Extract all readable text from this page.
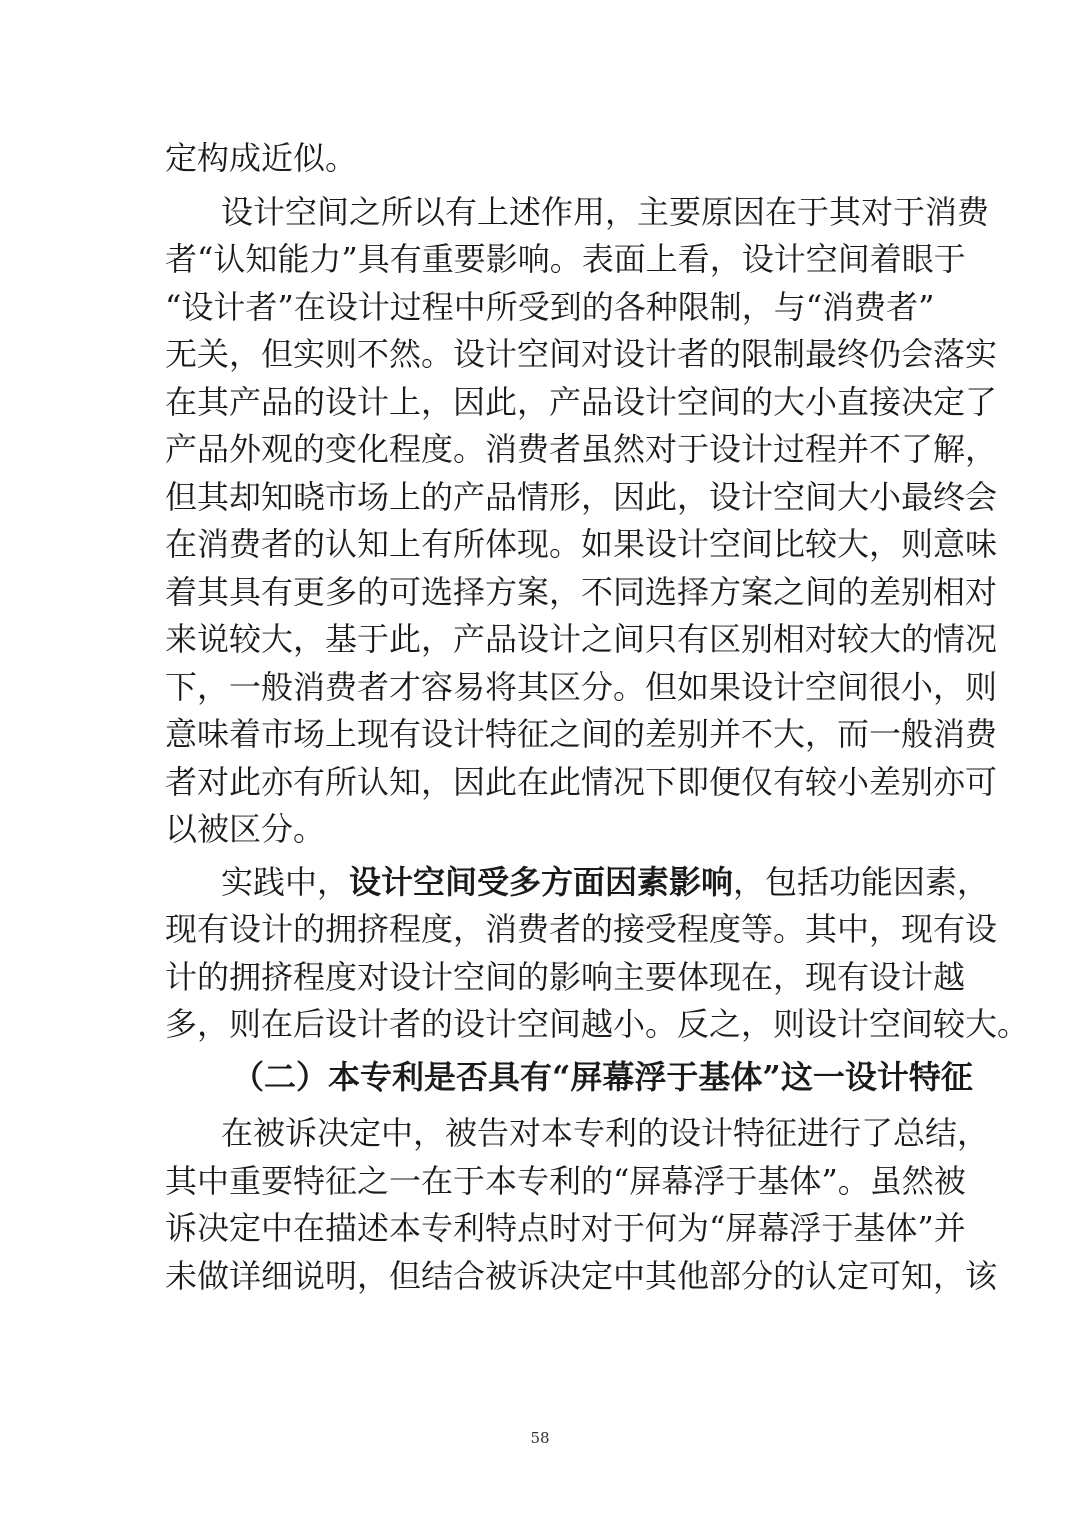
定构成近似。
设计空间之所以有上述作用，主要原因在于其对于消费
者“认知能力”具有重要影响。表面上看，设计空间着眼于
“设计者”在设计过程中所受到的各种限制，与“消费者”
无关，但实则不然。设计空间对设计者的限制最终仍会落实
在其产品的设计上，因此，产品设计空间的大小直接决定了
产品外观的变化程度。消费者虽然对于设计过程并不了解，
但其却知晓市场上的产品情形，因此，设计空间大小最终会
在消费者的认知上有所体现。如果设计空间比较大，则意味
着其具有更多的可选择方案，不同选择方案之间的差别相对
来说较大，基于此，产品设计之间只有区别相对较大的情况
下，一般消费者才容易将其区分。但如果设计空间很小，则
意味着市场上现有设计特征之间的差别并不大，而一般消费
者对此亦有所认知，因此在此情况下即便仅有较小差别亦可
以被区分。
实践中，设计空间受多方面因素影响，包括功能因素，
现有设计的拥挤程度，消费者的接受程度等。其中，现有设
计的拥挤程度对设计空间的影响主要体现在，现有设计越
多，则在后设计者的设计空间越小。反之，则设计空间较大。
（二）本专利是否具有“屏幕浮于基体”这一设计特征
在被诉决定中，被告对本专利的设计特征进行了总结，
其中重要特征之一在于本专利的“屏幕浮于基体”。虽然被
诉决定中在描述本专利特点时对于何为“屏幕浮于基体”并
未做详细说明，但结合被诉决定中其他部分的认定可知，该
58
